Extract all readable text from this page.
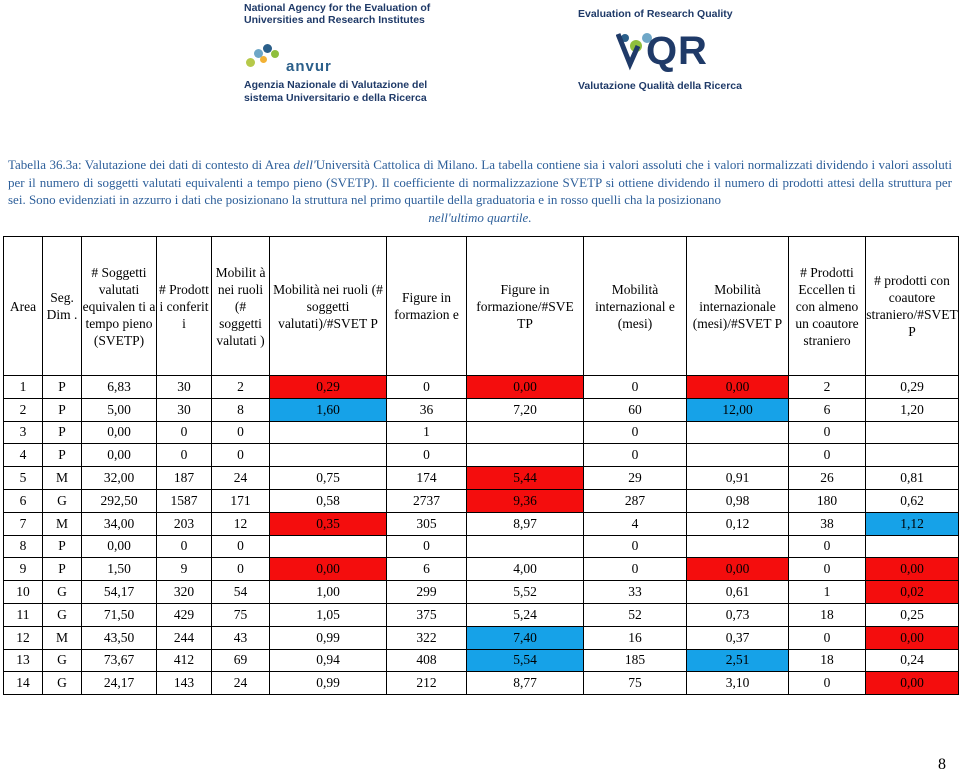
National Agency for the Evaluation of
Universities and Research Institutes
anvur
Agenzia Nazionale di Valutazione del
sistema Universitario e della Ricerca
Evaluation of Research Quality
Q R
Valutazione Qualità della Ricerca
Tabella 36.3a: Valutazione dei dati di contesto di Area dell'Università Cattolica di Milano. La tabella contiene sia i valori assoluti che i valori normalizzati dividendo i valori assoluti per il numero di soggetti valutati equivalenti a tempo pieno (SVETP). Il coefficiente di normalizzazione SVETP si ottiene dividendo il numero di prodotti attesi della struttura per sei. Sono evidenziati in azzurro i dati che posizionano la struttura nel primo quartile della graduatoria e in rosso quelli cha la posizionano
nell'ultimo quartile.
Area	Seg. Dim .	# Soggetti valutati equivalen ti a tempo pieno (SVETP)	# Prodott i conferit i	Mobilit à nei ruoli (# soggetti valutati )	Mobilità nei ruoli (# soggetti valutati)/#SVET P	Figure in formazion e	Figure in formazione/#SVE TP	Mobilità internazional e (mesi)	Mobilità internazionale (mesi)/#SVET P	# Prodotti Eccellen ti con almeno un coautore straniero	# prodotti con coautore straniero/#SVET P
1	P	6,83	30	2	0,29	0	0,00	0	0,00	2	0,29
2	P	5,00	30	8	1,60	36	7,20	60	12,00	6	1,20
3	P	0,00	0	0		1		0		0	
4	P	0,00	0	0		0		0		0	
5	M	32,00	187	24	0,75	174	5,44	29	0,91	26	0,81
6	G	292,50	1587	171	0,58	2737	9,36	287	0,98	180	0,62
7	M	34,00	203	12	0,35	305	8,97	4	0,12	38	1,12
8	P	0,00	0	0		0		0		0	
9	P	1,50	9	0	0,00	6	4,00	0	0,00	0	0,00
10	G	54,17	320	54	1,00	299	5,52	33	0,61	1	0,02
11	G	71,50	429	75	1,05	375	5,24	52	0,73	18	0,25
12	M	43,50	244	43	0,99	322	7,40	16	0,37	0	0,00
13	G	73,67	412	69	0,94	408	5,54	185	2,51	18	0,24
14	G	24,17	143	24	0,99	212	8,77	75	3,10	0	0,00
8
